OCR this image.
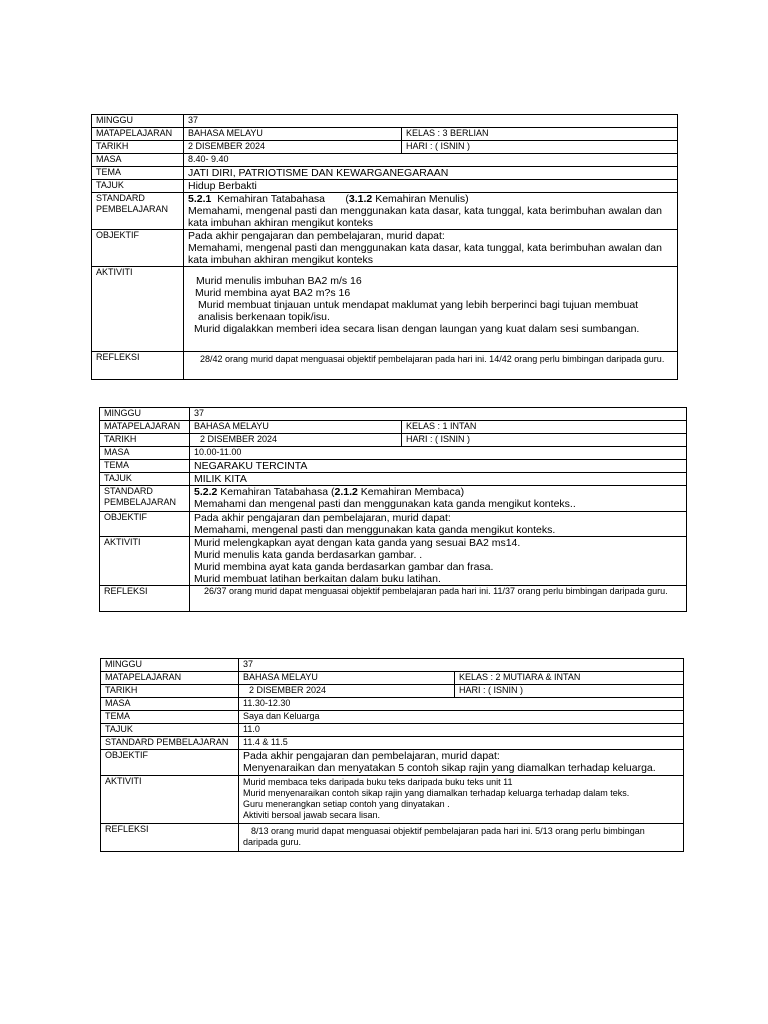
MINGGU	37	
MATAPELAJARAN	BAHASA MELAYU	KELAS : 3 BERLIAN
TARIKH	2 DISEMBER 2024	HARI : ( ISNIN )
MASA	8.40- 9.40	
TEMA	JATI DIRI, PATRIOTISME DAN KEWARGANEGARAAN	
TAJUK	Hidup Berbakti	

STANDARD
PEMBELAJARAN	5.2.1  Kemahiran Tatabahasa       (3.1.2 Kemahiran Menulis)
Memahami, mengenal pasti dan menggunakan kata dasar, kata tunggal, kata berimbuhan awalan dan kata imbuhan akhiran mengikut konteks	

OBJEKTIF	Pada akhir pengajaran dan pembelajaran, murid dapat:
Memahami, mengenal pasti dan menggunakan kata dasar, kata tunggal, kata berimbuhan awalan dan kata imbuhan akhiran mengikut konteks	

AKTIVITI	Murid menulis imbuhan BA2 m/s 16
Murid membina ayat BA2 m?s 16
Murid membuat tinjauan untuk mendapat maklumat yang lebih berperinci bagi tujuan membuat analisis berkenaan topik/isu.
Murid digalakkan memberi idea secara lisan dengan laungan yang kuat dalam sesi sumbangan.	

REFLEKSI	28/42 orang murid dapat menguasai objektif pembelajaran pada hari ini. 14/42 orang perlu bimbingan daripada guru.	
MINGGU	37	
MATAPELAJARAN	BAHASA MELAYU	KELAS : 1 INTAN
TARIKH	2 DISEMBER 2024	HARI : ( ISNIN )
MASA	10.00-11.00	
TEMA	NEGARAKU TERCINTA	
TAJUK	MILIK KITA	

STANDARD
PEMBELAJARAN	5.2.2 Kemahiran Tatabahasa (2.1.2 Kemahiran Membaca)
Memahami dan mengenal pasti dan menggunakan kata ganda mengikut konteks..	

OBJEKTIF	Pada akhir pengajaran dan pembelajaran, murid dapat:
Memahami, mengenal pasti dan menggunakan kata ganda mengikut konteks.	

AKTIVITI	Murid melengkapkan ayat dengan kata ganda yang sesuai BA2 ms14.
Murid menulis kata ganda berdasarkan gambar. .
Murid membina ayat kata ganda berdasarkan gambar dan frasa.
Murid membuat latihan berkaitan dalam buku latihan.	

REFLEKSI	26/37 orang murid dapat menguasai objektif pembelajaran pada hari ini. 11/37 orang perlu bimbingan daripada guru.	
MINGGU	37	
MATAPELAJARAN	BAHASA MELAYU	KELAS : 2 MUTIARA & INTAN
TARIKH	2 DISEMBER 2024	HARI : ( ISNIN )
MASA	11.30-12.30	
TEMA	Saya dan Keluarga	
TAJUK	11.0	
STANDARD PEMBELAJARAN	11.4 & 11.5	
OBJEKTIF	Pada akhir pengajaran dan pembelajaran, murid dapat:
Menyenaraikan dan menyatakan 5 contoh sikap rajin yang diamalkan terhadap keluarga.	

AKTIVITI	Murid membaca teks daripada buku teks daripada buku teks unit 11
Murid menyenaraikan contoh sikap rajin yang diamalkan terhadap keluarga terhadap dalam teks.
Guru menerangkan setiap contoh yang dinyatakan .
Aktiviti bersoal jawab secara lisan.	

REFLEKSI	8/13 orang murid dapat menguasai objektif pembelajaran pada hari ini. 5/13 orang perlu bimbingan daripada guru.	
